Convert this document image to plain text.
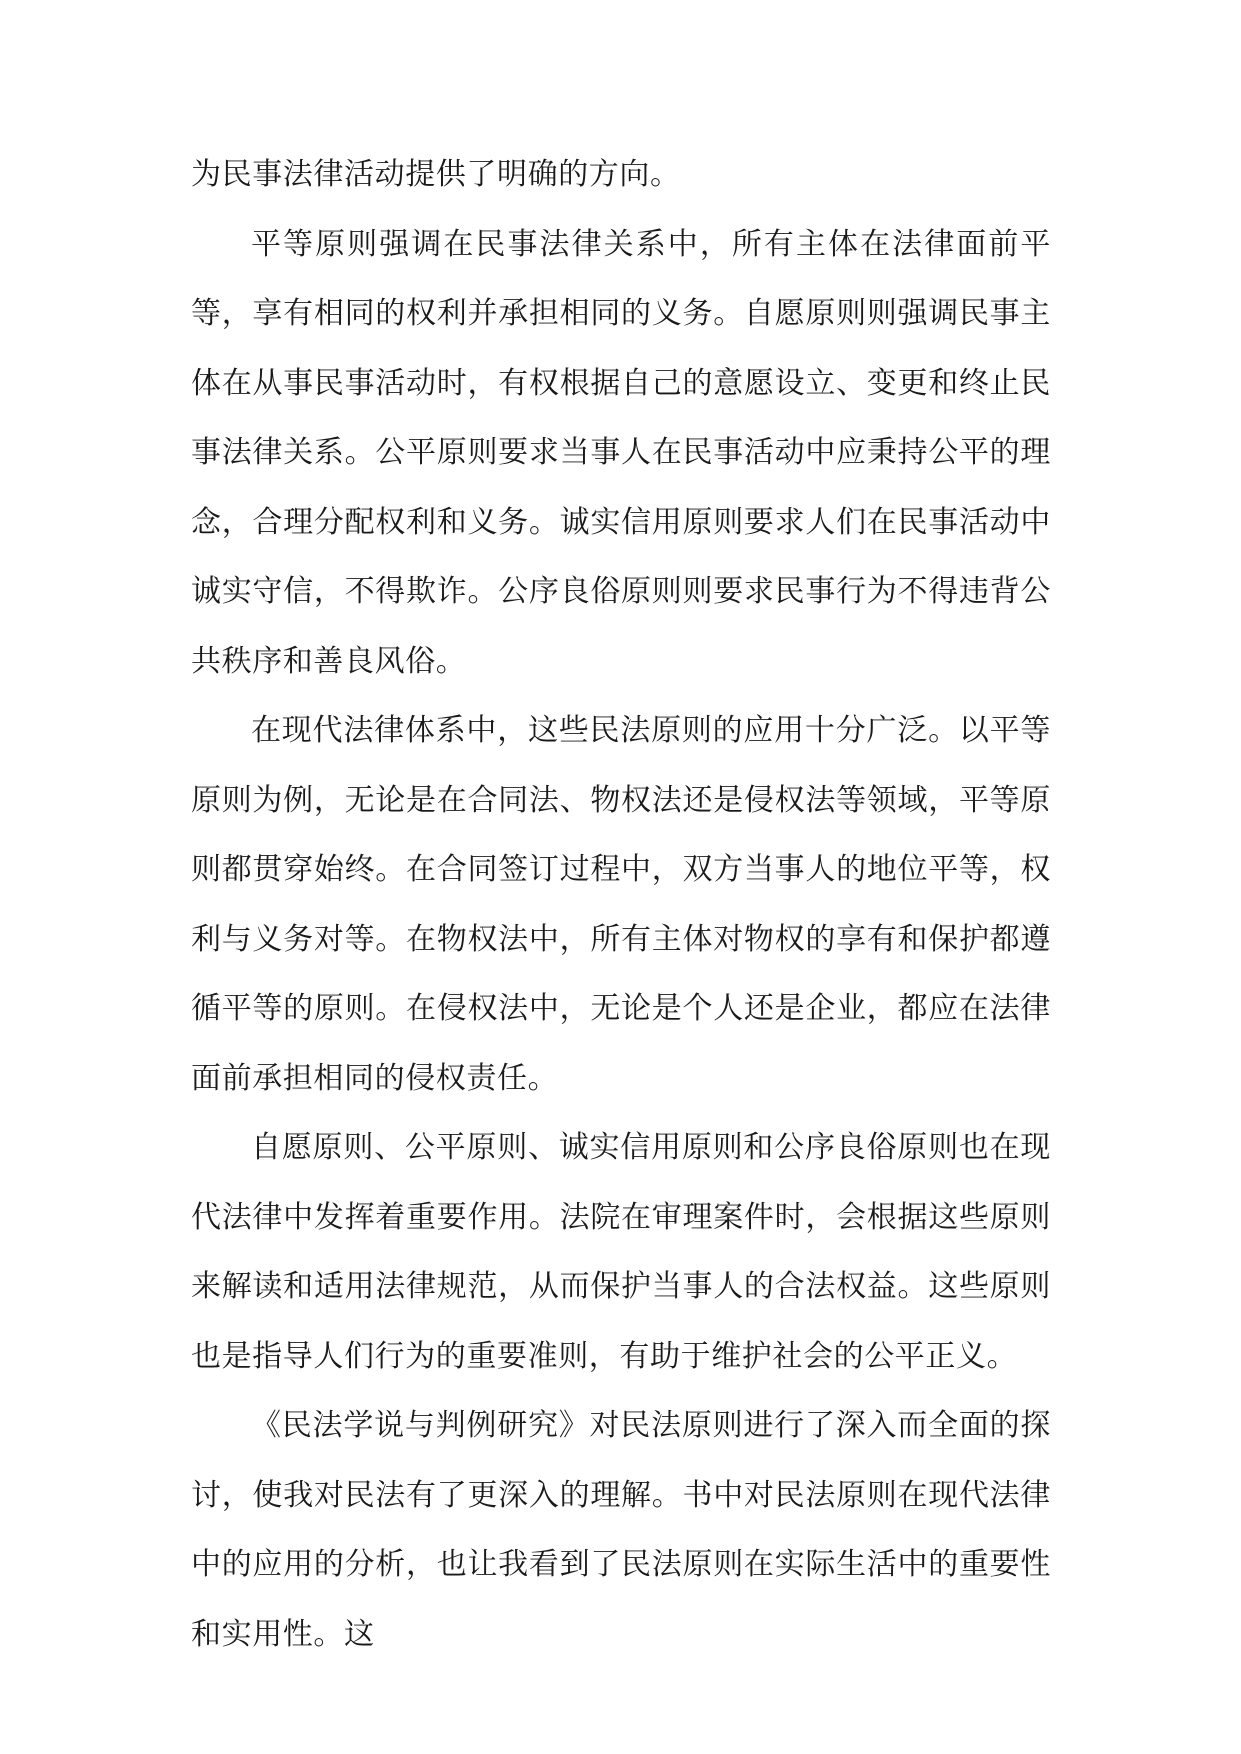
为民事法律活动提供了明确的方向。

平等原则强调在民事法律关系中，所有主体在法律面前平等，享有相同的权利并承担相同的义务。自愿原则则强调民事主体在从事民事活动时，有权根据自己的意愿设立、变更和终止民事法律关系。公平原则要求当事人在民事活动中应秉持公平的理念，合理分配权利和义务。诚实信用原则要求人们在民事活动中诚实守信，不得欺诈。公序良俗原则则要求民事行为不得违背公共秩序和善良风俗。

在现代法律体系中，这些民法原则的应用十分广泛。以平等原则为例，无论是在合同法、物权法还是侵权法等领域，平等原则都贯穿始终。在合同签订过程中，双方当事人的地位平等，权利与义务对等。在物权法中，所有主体对物权的享有和保护都遵循平等的原则。在侵权法中，无论是个人还是企业，都应在法律面前承担相同的侵权责任。

自愿原则、公平原则、诚实信用原则和公序良俗原则也在现代法律中发挥着重要作用。法院在审理案件时，会根据这些原则来解读和适用法律规范，从而保护当事人的合法权益。这些原则也是指导人们行为的重要准则，有助于维护社会的公平正义。

《民法学说与判例研究》对民法原则进行了深入而全面的探讨，使我对民法有了更深入的理解。书中对民法原则在现代法律中的应用的分析，也让我看到了民法原则在实际生活中的重要性和实用性。这
